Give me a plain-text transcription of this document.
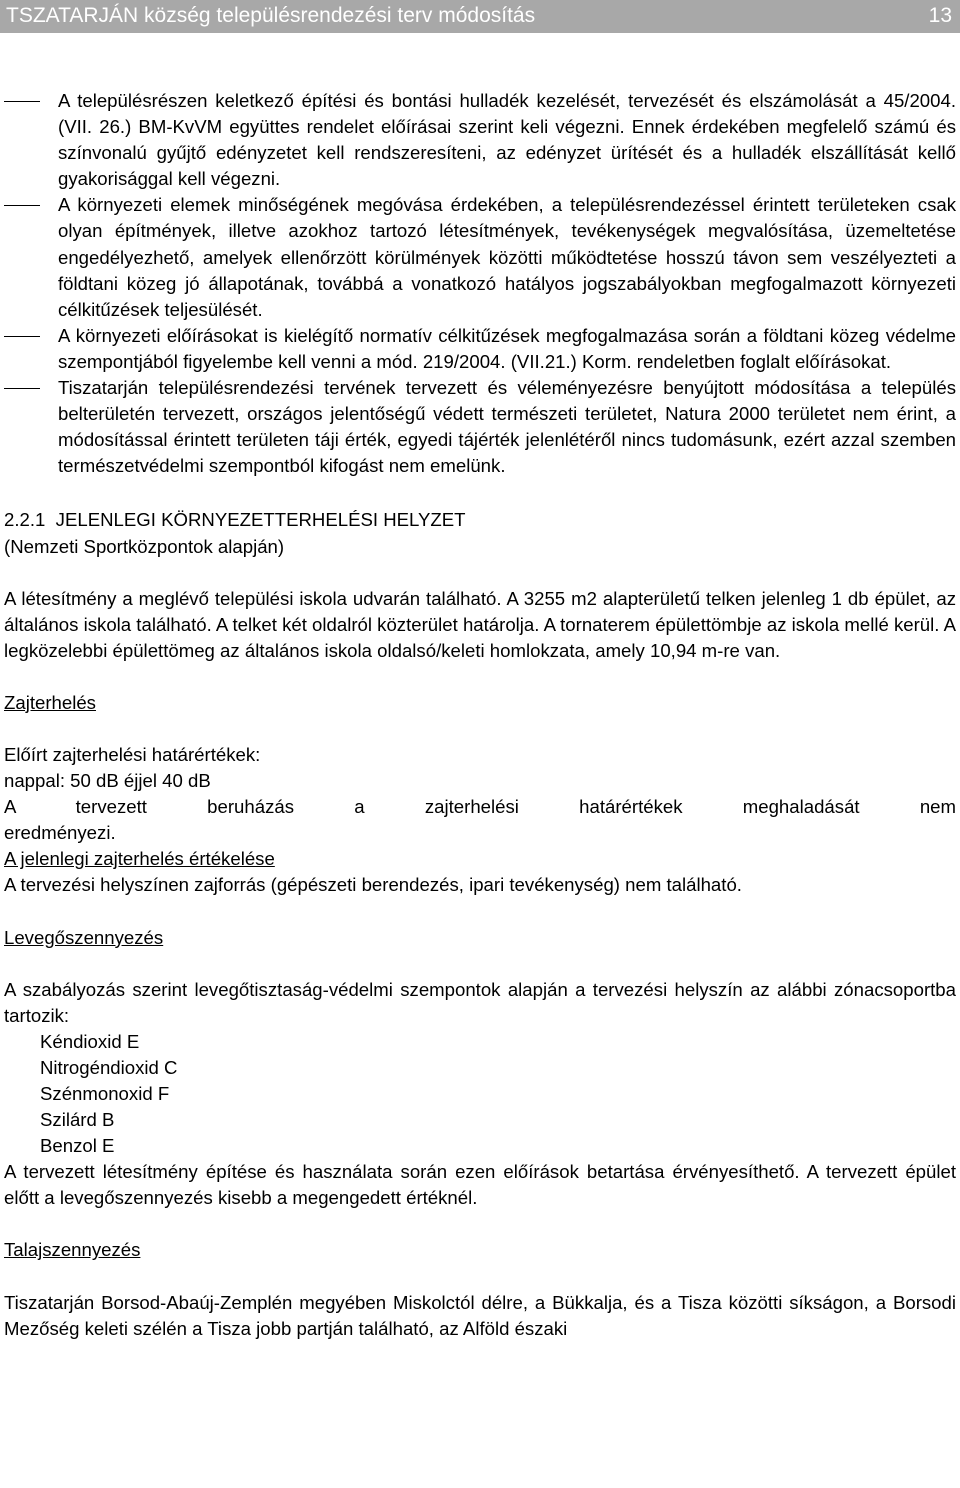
TSZATARJÁN község településrendezési terv módosítás	13
A településrészen keletkező építési és bontási hulladék kezelését, tervezését és elszámolását a 45/2004. (VII. 26.) BM-KvVM együttes rendelet előírásai szerint keli végezni. Ennek érdekében megfelelő számú és színvonalú gyűjtő edényzetet kell rendszeresíteni, az edényzet ürítését és a hulladék elszállítását kellő gyakorisággal kell végezni.
A környezeti elemek minőségének megóvása érdekében, a településrendezéssel érintett területeken csak olyan építmények, illetve azokhoz tartozó létesítmények, tevékenységek megvalósítása, üzemeltetése engedélyezhető, amelyek ellenőrzött körülmények közötti működtetése hosszú távon sem veszélyezteti a földtani közeg jó állapotának, továbbá a vonatkozó hatályos jogszabályokban megfogalmazott környezeti célkitűzések teljesülését.
A környezeti előírásokat is kielégítő normatív célkitűzések megfogalmazása során a földtani közeg védelme szempontjából figyelembe kell venni a mód. 219/2004. (VII.21.) Korm. rendeletben foglalt előírásokat.
Tiszatarján településrendezési tervének tervezett és véleményezésre benyújtott módosítása a település belterületén tervezett, országos jelentőségű védett természeti területet, Natura 2000 területet nem érint, a módosítással érintett területen táji érték, egyedi tájérték jelenlétéről nincs tudomásunk, ezért azzal szemben természetvédelmi szempontból kifogást nem emelünk.

2.2.1  JELENLEGI KÖRNYEZETTERHELÉSI HELYZET

(Nemzeti Sportközpontok alapján)

A létesítmény a meglévő települési iskola udvarán található. A 3255 m2 alapterületű telken jelenleg 1 db épület, az általános iskola található. A telket két oldalról közterület határolja. A tornaterem épülettömbje az iskola mellé kerül. A legközelebbi épülettömeg az általános iskola oldalsó/keleti homlokzata, amely 10,94 m-re van.

Zajterhelés

Előírt zajterhelési határértékek:

nappal: 50 dB éjjel 40 dB

A tervezett beruházás a zajterhelési határértékek meghaladását nem

eredményezi.

A jelenlegi zajterhelés értékelése

A tervezési helyszínen zajforrás (gépészeti berendezés, ipari tevékenység) nem található.

Levegőszennyezés

A szabályozás szerint levegőtisztaság-védelmi szempontok alapján a tervezési helyszín az alábbi zónacsoportba tartozik:

Kéndioxid E

Nitrogéndioxid C

Szénmonoxid F

Szilárd B

Benzol E

A tervezett létesítmény építése és használata során ezen előírások betartása érvényesíthető. A tervezett épület előtt a levegőszennyezés kisebb a megengedett értéknél.

Talajszennyezés

Tiszatarján Borsod-Abaúj-Zemplén megyében Miskolctól délre, a Bükkalja, és a Tisza közötti síkságon, a Borsodi Mezőség keleti szélén a Tisza jobb partján található, az Alföld északi
